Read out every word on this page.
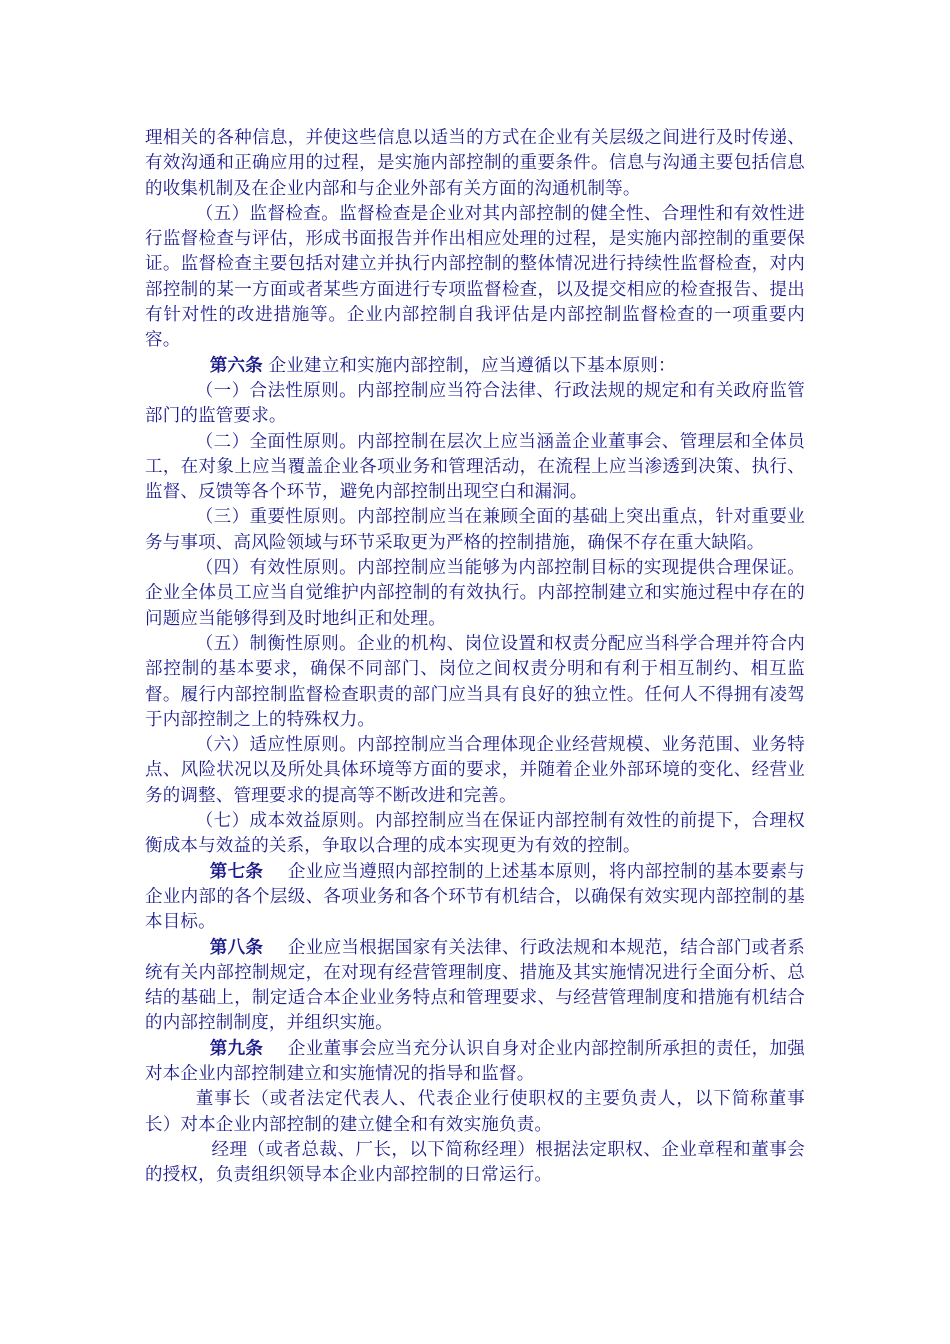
理相关的各种信息，并使这些信息以适当的方式在企业有关层级之间进行及时传递、有效沟通和正确应用的过程，是实施内部控制的重要条件。信息与沟通主要包括信息的收集机制及在企业内部和与企业外部有关方面的沟通机制等。

（五）监督检查。监督检查是企业对其内部控制的健全性、合理性和有效性进行监督检查与评估，形成书面报告并作出相应处理的过程，是实施内部控制的重要保证。监督检查主要包括对建立并执行内部控制的整体情况进行持续性监督检查，对内部控制的某一方面或者某些方面进行专项监督检查，以及提交相应的检查报告、提出有针对性的改进措施等。企业内部控制自我评估是内部控制监督检查的一项重要内容。

第六条 企业建立和实施内部控制，应当遵循以下基本原则：

（一）合法性原则。内部控制应当符合法律、行政法规的规定和有关政府监管部门的监管要求。

（二）全面性原则。内部控制在层次上应当涵盖企业董事会、管理层和全体员工，在对象上应当覆盖企业各项业务和管理活动，在流程上应当渗透到决策、执行、监督、反馈等各个环节，避免内部控制出现空白和漏洞。

（三）重要性原则。内部控制应当在兼顾全面的基础上突出重点，针对重要业务与事项、高风险领域与环节采取更为严格的控制措施，确保不存在重大缺陷。

（四）有效性原则。内部控制应当能够为内部控制目标的实现提供合理保证。企业全体员工应当自觉维护内部控制的有效执行。内部控制建立和实施过程中存在的问题应当能够得到及时地纠正和处理。

（五）制衡性原则。企业的机构、岗位设置和权责分配应当科学合理并符合内部控制的基本要求，确保不同部门、岗位之间权责分明和有利于相互制约、相互监督。履行内部控制监督检查职责的部门应当具有良好的独立性。任何人不得拥有凌驾于内部控制之上的特殊权力。

（六）适应性原则。内部控制应当合理体现企业经营规模、业务范围、业务特点、风险状况以及所处具体环境等方面的要求，并随着企业外部环境的变化、经营业务的调整、管理要求的提高等不断改进和完善。

（七）成本效益原则。内部控制应当在保证内部控制有效性的前提下，合理权衡成本与效益的关系，争取以合理的成本实现更为有效的控制。

第七条 企业应当遵照内部控制的上述基本原则，将内部控制的基本要素与企业内部的各个层级、各项业务和各个环节有机结合，以确保有效实现内部控制的基本目标。

第八条 企业应当根据国家有关法律、行政法规和本规范，结合部门或者系统有关内部控制规定，在对现有经营管理制度、措施及其实施情况进行全面分析、总结的基础上，制定适合本企业业务特点和管理要求、与经营管理制度和措施有机结合的内部控制制度，并组织实施。

第九条 企业董事会应当充分认识自身对企业内部控制所承担的责任，加强对本企业内部控制建立和实施情况的指导和监督。

董事长（或者法定代表人、代表企业行使职权的主要负责人，以下简称董事长）对本企业内部控制的建立健全和有效实施负责。

经理（或者总裁、厂长，以下简称经理）根据法定职权、企业章程和董事会的授权，负责组织领导本企业内部控制的日常运行。
